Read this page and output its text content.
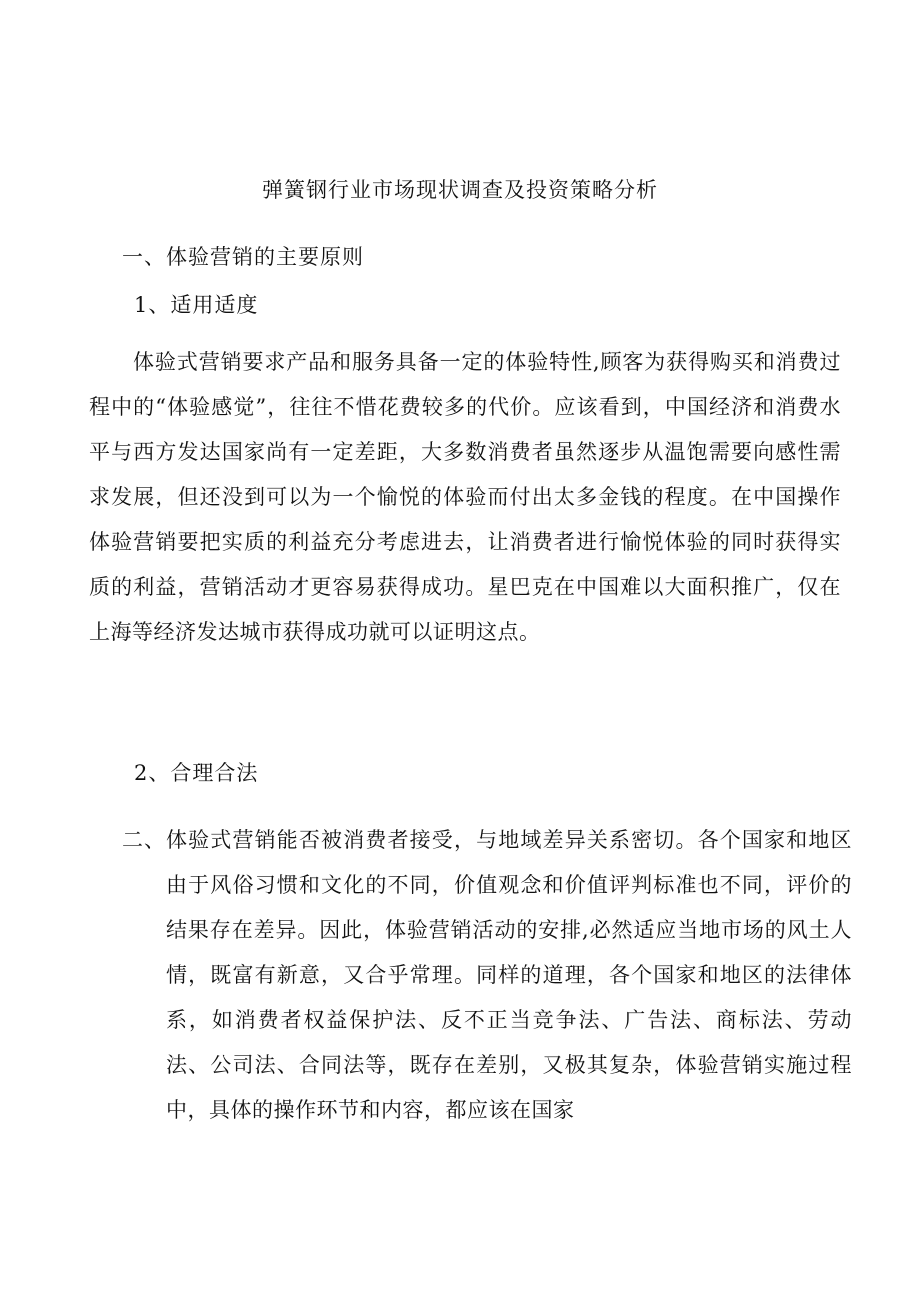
弹簧钢行业市场现状调查及投资策略分析
一、体验营销的主要原则
1、适用适度

体验式营销要求产品和服务具备一定的体验特性,顾客为获得购买和消费过程中的“体验感觉”，往往不惜花费较多的代价。应该看到，中国经济和消费水平与西方发达国家尚有一定差距，大多数消费者虽然逐步从温饱需要向感性需求发展，但还没到可以为一个愉悦的体验而付出太多金钱的程度。在中国操作体验营销要把实质的利益充分考虑进去，让消费者进行愉悦体验的同时获得实质的利益，营销活动才更容易获得成功。星巴克在中国难以大面积推广，仅在上海等经济发达城市获得成功就可以证明这点。

2、合理合法
二、 体验式营销能否被消费者接受，与地域差异关系密切。各个国家和地区由于风俗习惯和文化的不同，价值观念和价值评判标准也不同，评价的结果存在差异。因此，体验营销活动的安排,必然适应当地市场的风土人情，既富有新意，又合乎常理。同样的道理，各个国家和地区的法律体系，如消费者权益保护法、反不正当竞争法、广告法、商标法、劳动法、公司法、合同法等，既存在差别，又极其复杂，体验营销实施过程中，具体的操作环节和内容，都应该在国家
